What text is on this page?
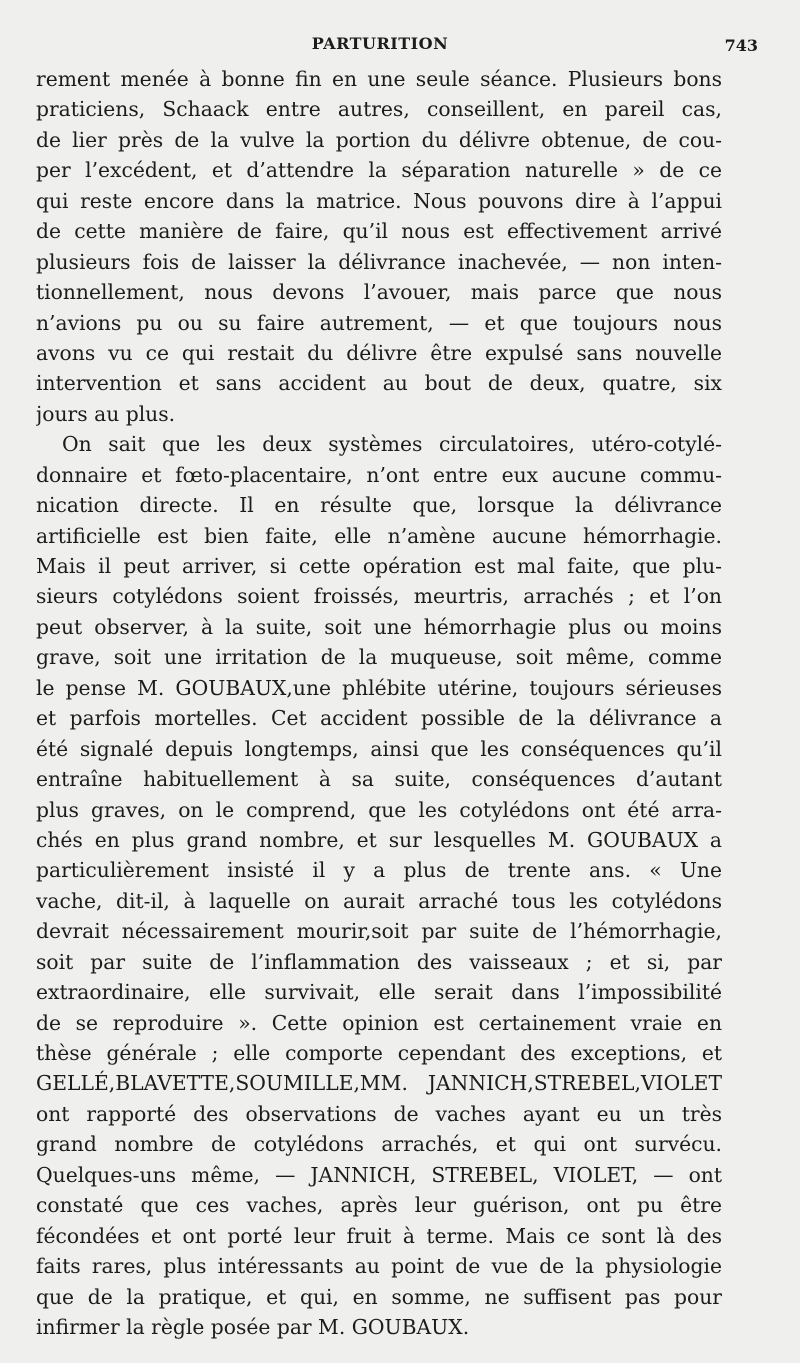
PARTURITION	743
rement menée à bonne fin en une seule séance. Plusieurs bons
praticiens, Schaack entre autres, conseillent, en pareil cas,
de lier près de la vulve la portion du délivre obtenue, de cou-
per l’excédent, et d’attendre la séparation naturelle » de ce
qui reste encore dans la matrice. Nous pouvons dire à l’appui
de cette manière de faire, qu’il nous est effectivement arrivé
plusieurs fois de laisser la délivrance inachevée, — non inten-
tionnellement, nous devons l’avouer, mais parce que nous
n’avions pu ou su faire autrement, — et que toujours nous
avons vu ce qui restait du délivre être expulsé sans nouvelle
intervention et sans accident au bout de deux, quatre, six
jours au plus.
On sait que les deux systèmes circulatoires, utéro-cotylé-
donnaire et fœto-placentaire, n’ont entre eux aucune commu-
nication directe. Il en résulte que, lorsque la délivrance
artificielle est bien faite, elle n’amène aucune hémorrhagie.
Mais il peut arriver, si cette opération est mal faite, que plu-
sieurs cotylédons soient froissés, meurtris, arrachés ; et l’on
peut observer, à la suite, soit une hémorrhagie plus ou moins
grave, soit une irritation de la muqueuse, soit même, comme
le pense M. GOUBAUX,une phlébite utérine, toujours sérieuses
et parfois mortelles. Cet accident possible de la délivrance a
été signalé depuis longtemps, ainsi que les conséquences qu’il
entraîne habituellement à sa suite, conséquences d’autant
plus graves, on le comprend, que les cotylédons ont été arra-
chés en plus grand nombre, et sur lesquelles M. GOUBAUX a
particulièrement insisté il y a plus de trente ans. « Une
vache, dit-il, à laquelle on aurait arraché tous les cotylédons
devrait nécessairement mourir,soit par suite de l’hémorrhagie,
soit par suite de l’inflammation des vaisseaux ; et si, par
extraordinaire, elle survivait, elle serait dans l’impossibilité
de se reproduire ». Cette opinion est certainement vraie en
thèse générale ; elle comporte cependant des exceptions, et
GELLÉ,BLAVETTE,SOUMILLE,MM. JANNICH,STREBEL,VIOLET
ont rapporté des observations de vaches ayant eu un très
grand nombre de cotylédons arrachés, et qui ont survécu.
Quelques-uns même, — JANNICH, STREBEL, VIOLET, — ont
constaté que ces vaches, après leur guérison, ont pu être
fécondées et ont porté leur fruit à terme. Mais ce sont là des
faits rares, plus intéressants au point de vue de la physiologie
que de la pratique, et qui, en somme, ne suffisent pas pour
infirmer la règle posée par M. GOUBAUX.
